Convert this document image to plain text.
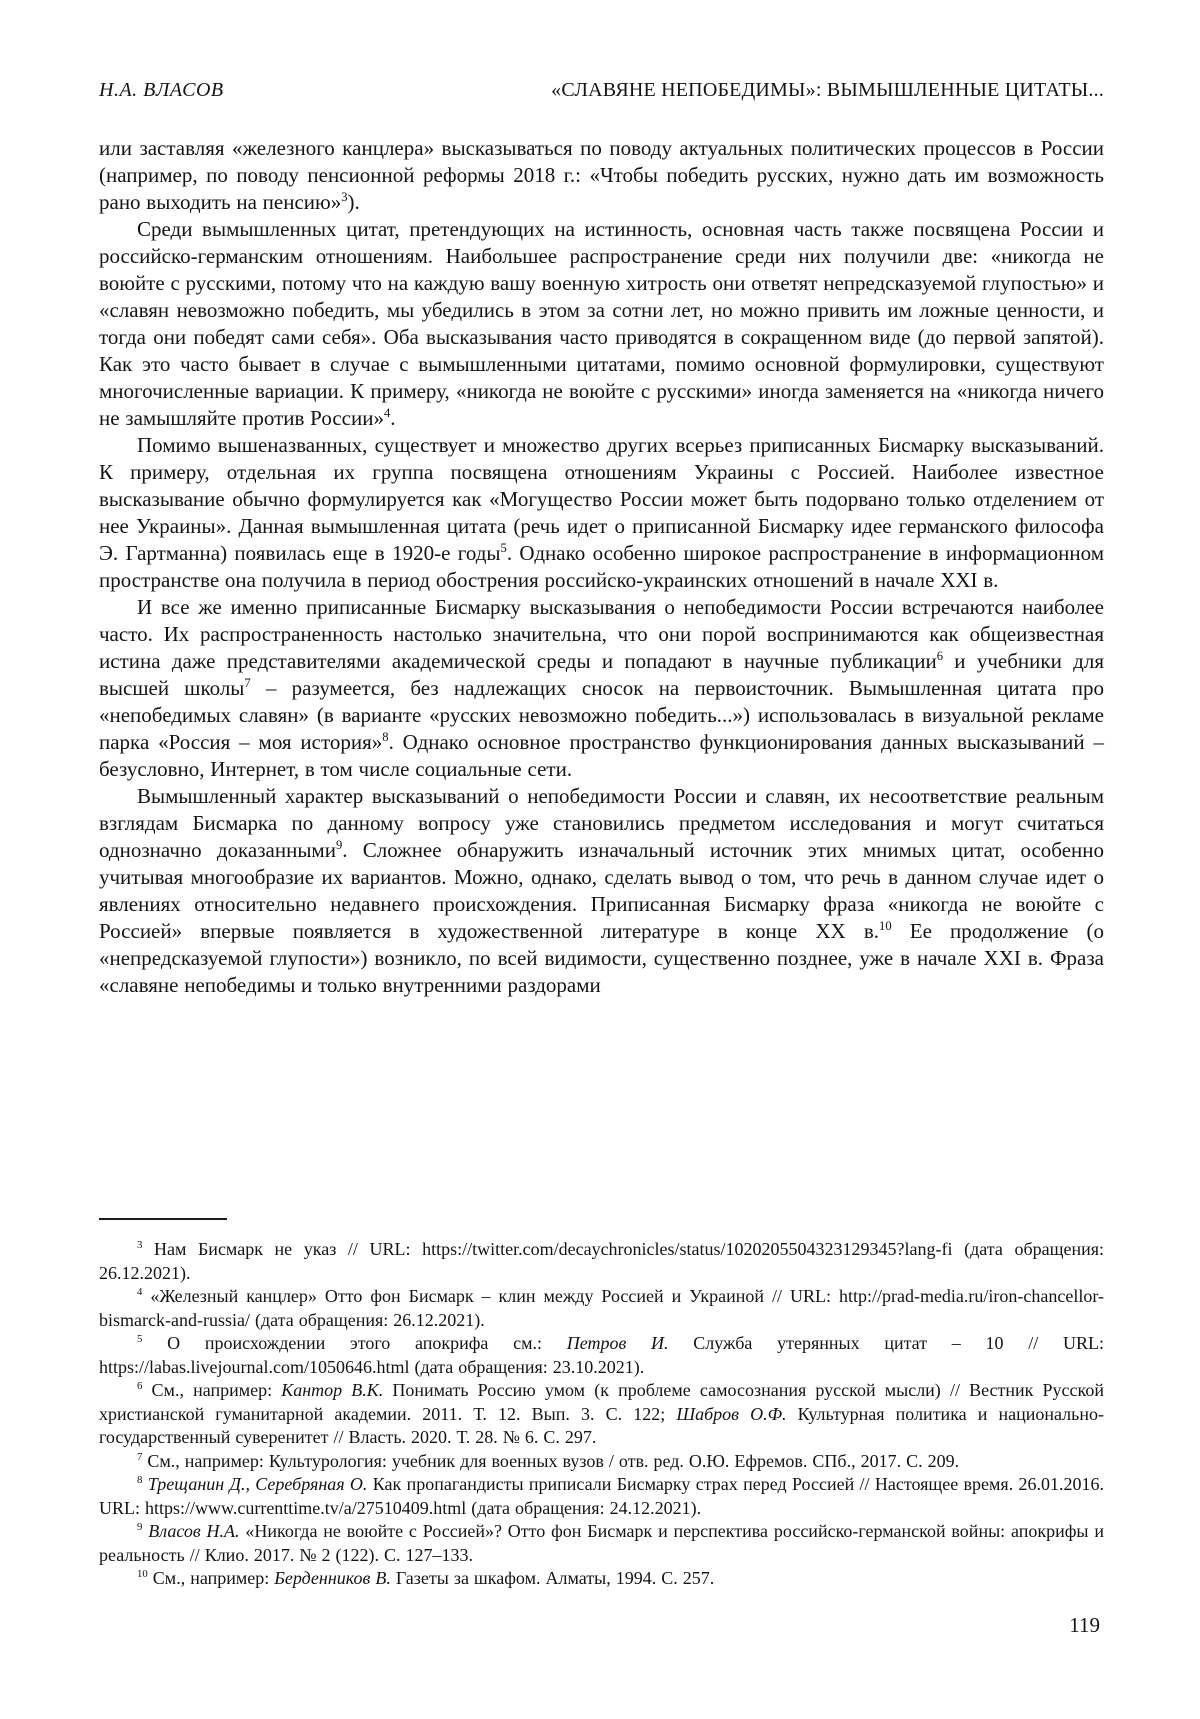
Н.А. ВЛАСОВ	«СЛАВЯНЕ НЕПОБЕДИМЫ»: ВЫМЫШЛЕННЫЕ ЦИТАТЫ...

или заставляя «железного канцлера» высказываться по поводу актуальных политических процессов в России (например, по поводу пенсионной реформы 2018 г.: «Чтобы победить русских, нужно дать им возможность рано выходить на пенсию»$^3$).

Среди вымышленных цитат, претендующих на истинность, основная часть также посвящена России и российско-германским отношениям. Наибольшее распространение среди них получили две: «никогда не воюйте с русскими, потому что на каждую вашу военную хитрость они ответят непредсказуемой глупостью» и «славян невозможно победить, мы убедились в этом за сотни лет, но можно привить им ложные ценности, и тогда они победят сами себя». Оба высказывания часто приводятся в сокращенном виде (до первой запятой). Как это часто бывает в случае с вымышленными цитатами, помимо основной формулировки, существуют многочисленные вариации. К примеру, «никогда не воюйте с русскими» иногда заменяется на «никогда ничего не замышляйте против России»$^4$.

Помимо вышеназванных, существует и множество других всерьез приписанных Бисмарку высказываний. К примеру, отдельная их группа посвящена отношениям Украины с Россией. Наиболее известное высказывание обычно формулируется как «Могущество России может быть подорвано только отделением от нее Украины». Данная вымышленная цитата (речь идет о приписанной Бисмарку идее германского философа Э. Гартманна) появилась еще в 1920-е годы$^5$. Однако особенно широкое распространение в информационном пространстве она получила в период обострения российско-украинских отношений в начале XXI в.

И все же именно приписанные Бисмарку высказывания о непобедимости России встречаются наиболее часто. Их распространенность настолько значительна, что они порой воспринимаются как общеизвестная истина даже представителями академической среды и попадают в научные публикации$^6$ и учебники для высшей школы$^7$ – разумеется, без надлежащих сносок на первоисточник. Вымышленная цитата про «непобедимых славян» (в варианте «русских невозможно победить...») использовалась в визуальной рекламе парка «Россия – моя история»$^8$. Однако основное пространство функционирования данных высказываний – безусловно, Интернет, в том числе социальные сети.

Вымышленный характер высказываний о непобедимости России и славян, их несоответствие реальным взглядам Бисмарка по данному вопросу уже становились предметом исследования и могут считаться однозначно доказанными$^9$. Сложнее обнаружить изначальный источник этих мнимых цитат, особенно учитывая многообразие их вариантов. Можно, однако, сделать вывод о том, что речь в данном случае идет о явлениях относительно недавнего происхождения. Приписанная Бисмарку фраза «никогда не воюйте с Россией» впервые появляется в художественной литературе в конце XX в.$^{10}$ Ее продолжение (о «непредсказуемой глупости») возникло, по всей видимости, существенно позднее, уже в начале XXI в. Фраза «славяне непобедимы и только внутренними раздорами

$^3$ Нам Бисмарк не указ // URL: https://twitter.com/decaychronicles/status/1020205504323129345?lang-fi (дата обращения: 26.12.2021).

$^4$ «Железный канцлер» Отто фон Бисмарк – клин между Россией и Украиной // URL: http://prad-media.ru/iron-chancellor-bismarck-and-russia/ (дата обращения: 26.12.2021).

$^5$ О происхождении этого апокрифа см.: Петров И. Служба утерянных цитат – 10 // URL: https://labas.livejournal.com/1050646.html (дата обращения: 23.10.2021).

$^6$ См., например: Кантор В.К. Понимать Россию умом (к проблеме самосознания русской мысли) // Вестник Русской христианской гуманитарной академии. 2011. Т. 12. Вып. 3. С. 122; Шабров О.Ф. Культурная политика и национально-государственный суверенитет // Власть. 2020. Т. 28. № 6. С. 297.

$^7$ См., например: Культурология: учебник для военных вузов / отв. ред. О.Ю. Ефремов. СПб., 2017. С. 209.

$^8$ Трещанин Д., Серебряная О. Как пропагандисты приписали Бисмарку страх перед Россией // Настоящее время. 26.01.2016. URL: https://www.currenttime.tv/a/27510409.html (дата обращения: 24.12.2021).

$^9$ Власов Н.А. «Никогда не воюйте с Россией»? Отто фон Бисмарк и перспектива российско-германской войны: апокрифы и реальность // Клио. 2017. № 2 (122). С. 127–133.

$^{10}$ См., например: Берденников В. Газеты за шкафом. Алматы, 1994. С. 257.

119
